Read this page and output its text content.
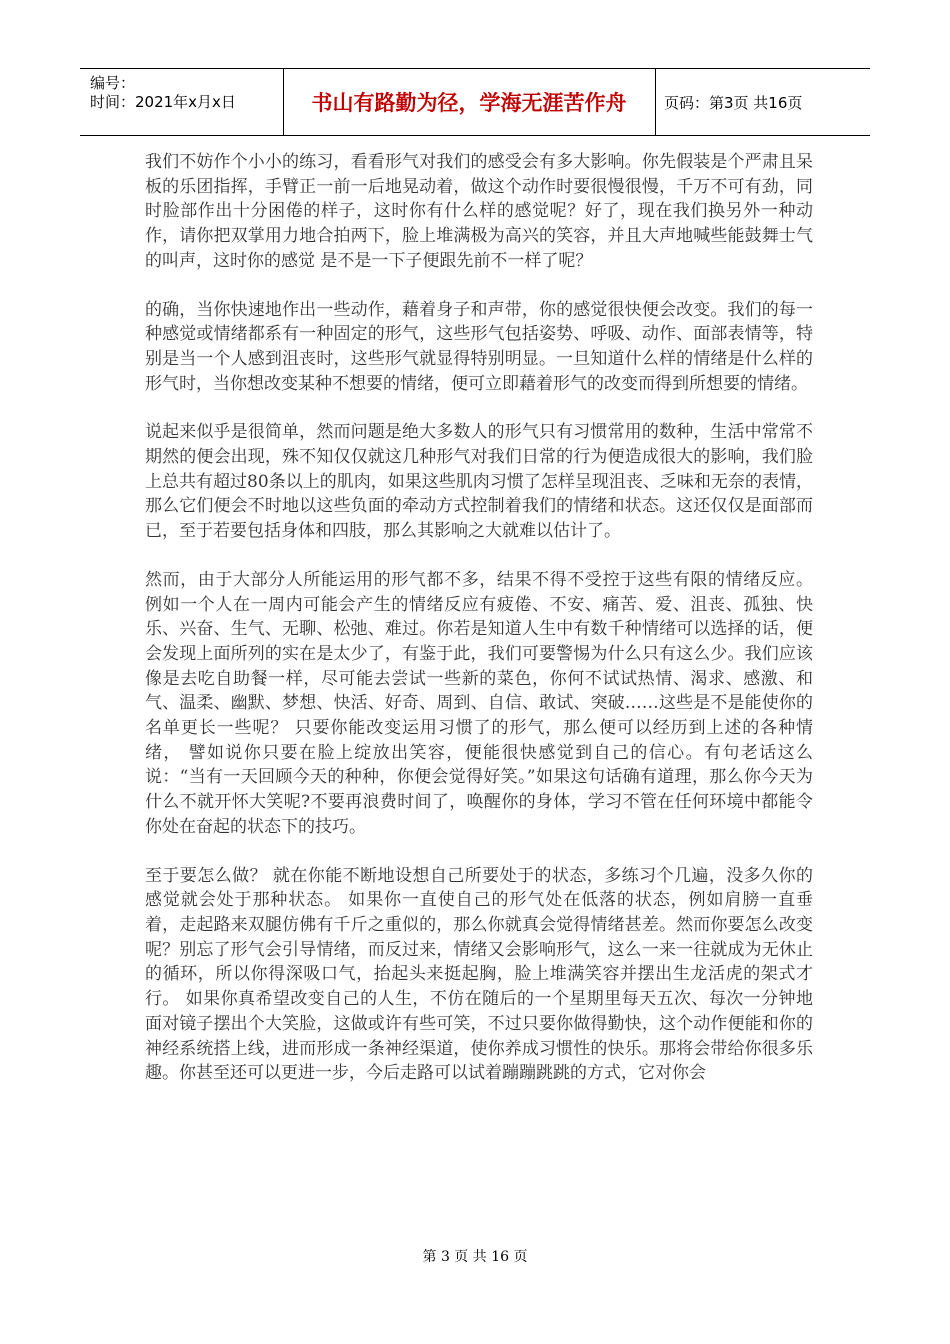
编号：
时间：2021年x月x日	书山有路勤为径，学海无涯苦作舟	页码：第3页 共16页

我们不妨作个小小的练习，看看形气对我们的感受会有多大影响。你先假装是个严肃且呆板的乐团指挥，手臂正一前一后地晃动着，做这个动作时要很慢很慢，千万不可有劲，同时脸部作出十分困倦的样子，这时你有什么样的感觉呢？好了，现在我们换另外一种动作，请你把双掌用力地合拍两下，脸上堆满极为高兴的笑容，并且大声地喊些能鼓舞士气的叫声，这时你的感觉 是不是一下子便跟先前不一样了呢？

的确，当你快速地作出一些动作，藉着身子和声带，你的感觉很快便会改变。我们的每一种感觉或情绪都系有一种固定的形气，这些形气包括姿势、呼吸、动作、面部表情等，特别是当一个人感到沮丧时，这些形气就显得特别明显。一旦知道什么样的情绪是什么样的形气时，当你想改变某种不想要的情绪，便可立即藉着形气的改变而得到所想要的情绪。

说起来似乎是很简单，然而问题是绝大多数人的形气只有习惯常用的数种，生活中常常不期然的便会出现，殊不知仅仅就这几种形气对我们日常的行为便造成很大的影响，我们脸上总共有超过80条以上的肌肉，如果这些肌肉习惯了怎样呈现沮丧、乏味和无奈的表情，那么它们便会不时地以这些负面的牵动方式控制着我们的情绪和状态。这还仅仅是面部而已，至于若要包括身体和四肢，那么其影响之大就难以估计了。

然而，由于大部分人所能运用的形气都不多，结果不得不受控于这些有限的情绪反应。 例如一个人在一周内可能会产生的情绪反应有疲倦、不安、痛苦、爱、沮丧、孤独、快乐、兴奋、生气、无聊、松弛、难过。你若是知道人生中有数千种情绪可以选择的话，便会发现上面所列的实在是太少了，有鉴于此，我们可要警惕为什么只有这么少。我们应该像是去吃自助餐一样，尽可能去尝试一些新的菜色，你何不试试热情、渴求、感激、和气、温柔、幽默、梦想、快活、好奇、周到、自信、敢试、突破……这些是不是能使你的名单更长一些呢？ 只要你能改变运用习惯了的形气，那么便可以经历到上述的各种情绪， 譬如说你只要在脸上绽放出笑容，便能很快感觉到自己的信心。有句老话这么说：“当有一天回顾今天的种种，你便会觉得好笑。”如果这句话确有道理，那么你今天为什么不就开怀大笑呢?不要再浪费时间了，唤醒你的身体，学习不管在任何环境中都能令你处在奋起的状态下的技巧。

至于要怎么做？ 就在你能不断地设想自己所要处于的状态，多练习个几遍，没多久你的感觉就会处于那种状态。 如果你一直使自己的形气处在低落的状态，例如肩膀一直垂着，走起路来双腿仿佛有千斤之重似的，那么你就真会觉得情绪甚差。然而你要怎么改变呢？别忘了形气会引导情绪，而反过来，情绪又会影响形气，这么一来一往就成为无休止的循环，所以你得深吸口气，抬起头来挺起胸，脸上堆满笑容并摆出生龙活虎的架式才行。 如果你真希望改变自己的人生，不仿在随后的一个星期里每天五次、每次一分钟地面对镜子摆出个大笑脸，这做或许有些可笑，不过只要你做得勤快，这个动作便能和你的神经系统搭上线，进而形成一条神经渠道，使你养成习惯性的快乐。那将会带给你很多乐趣。你甚至还可以更进一步，今后走路可以试着蹦蹦跳跳的方式，它对你会

第 3 页 共 16 页
